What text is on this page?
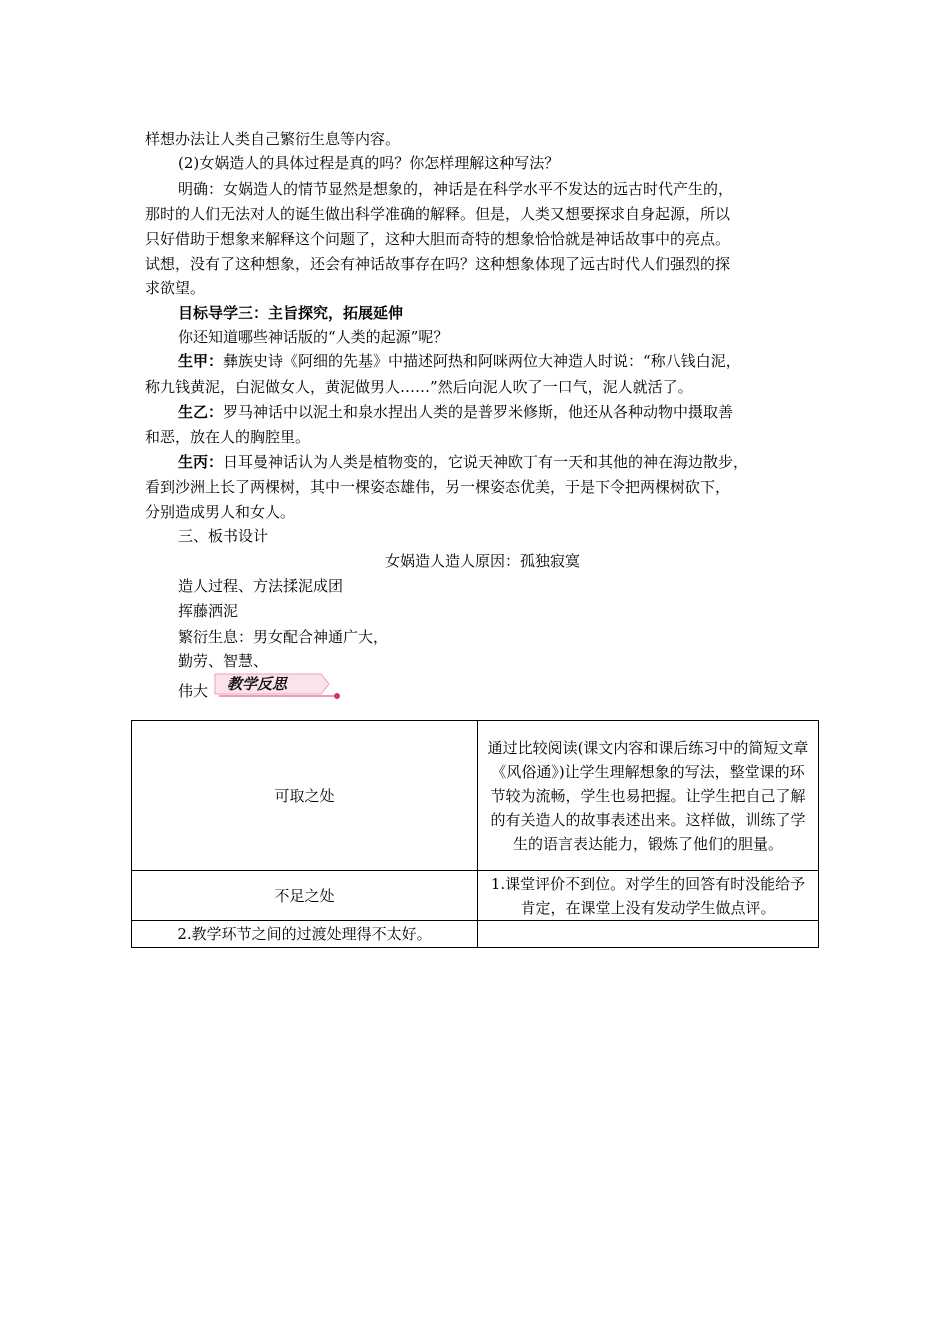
样想办法让人类自己繁衍生息等内容。
(2)女娲造人的具体过程是真的吗？你怎样理解这种写法？
明确：女娲造人的情节显然是想象的，神话是在科学水平不发达的远古时代产生的，
那时的人们无法对人的诞生做出科学准确的解释。但是，人类又想要探求自身起源，所以
只好借助于想象来解释这个问题了，这种大胆而奇特的想象恰恰就是神话故事中的亮点。
试想，没有了这种想象，还会有神话故事存在吗？这种想象体现了远古时代人们强烈的探
求欲望。
目标导学三：主旨探究，拓展延伸
你还知道哪些神话版的“人类的起源”呢？
生甲：彝族史诗《阿细的先基》中描述阿热和阿咪两位大神造人时说：“称八钱白泥，
称九钱黄泥，白泥做女人，黄泥做男人……”然后向泥人吹了一口气，泥人就活了。
生乙：罗马神话中以泥土和泉水捏出人类的是普罗米修斯，他还从各种动物中摄取善
和恶，放在人的胸腔里。
生丙：日耳曼神话认为人类是植物变的，它说天神欧丁有一天和其他的神在海边散步，
看到沙洲上长了两棵树，其中一棵姿态雄伟，另一棵姿态优美，于是下令把两棵树砍下，
分别造成男人和女人。
三、板书设计
女娲造人造人原因：孤独寂寞
造人过程、方法揉泥成团
挥藤洒泥
繁衍生息：男女配合神通广大，
勤劳、智慧、
伟大 教学反思
可取之处	通过比较阅读(课文内容和课后练习中的简短文章《风俗通》)让学生理解想象的写法，整堂课的环节较为流畅，学生也易把握。让学生把自己了解的有关造人的故事表述出来。这样做，训练了学生的语言表达能力，锻炼了他们的胆量。
不足之处	1.课堂评价不到位。对学生的回答有时没能给予肯定，在课堂上没有发动学生做点评。
2.教学环节之间的过渡处理得不太好。	
